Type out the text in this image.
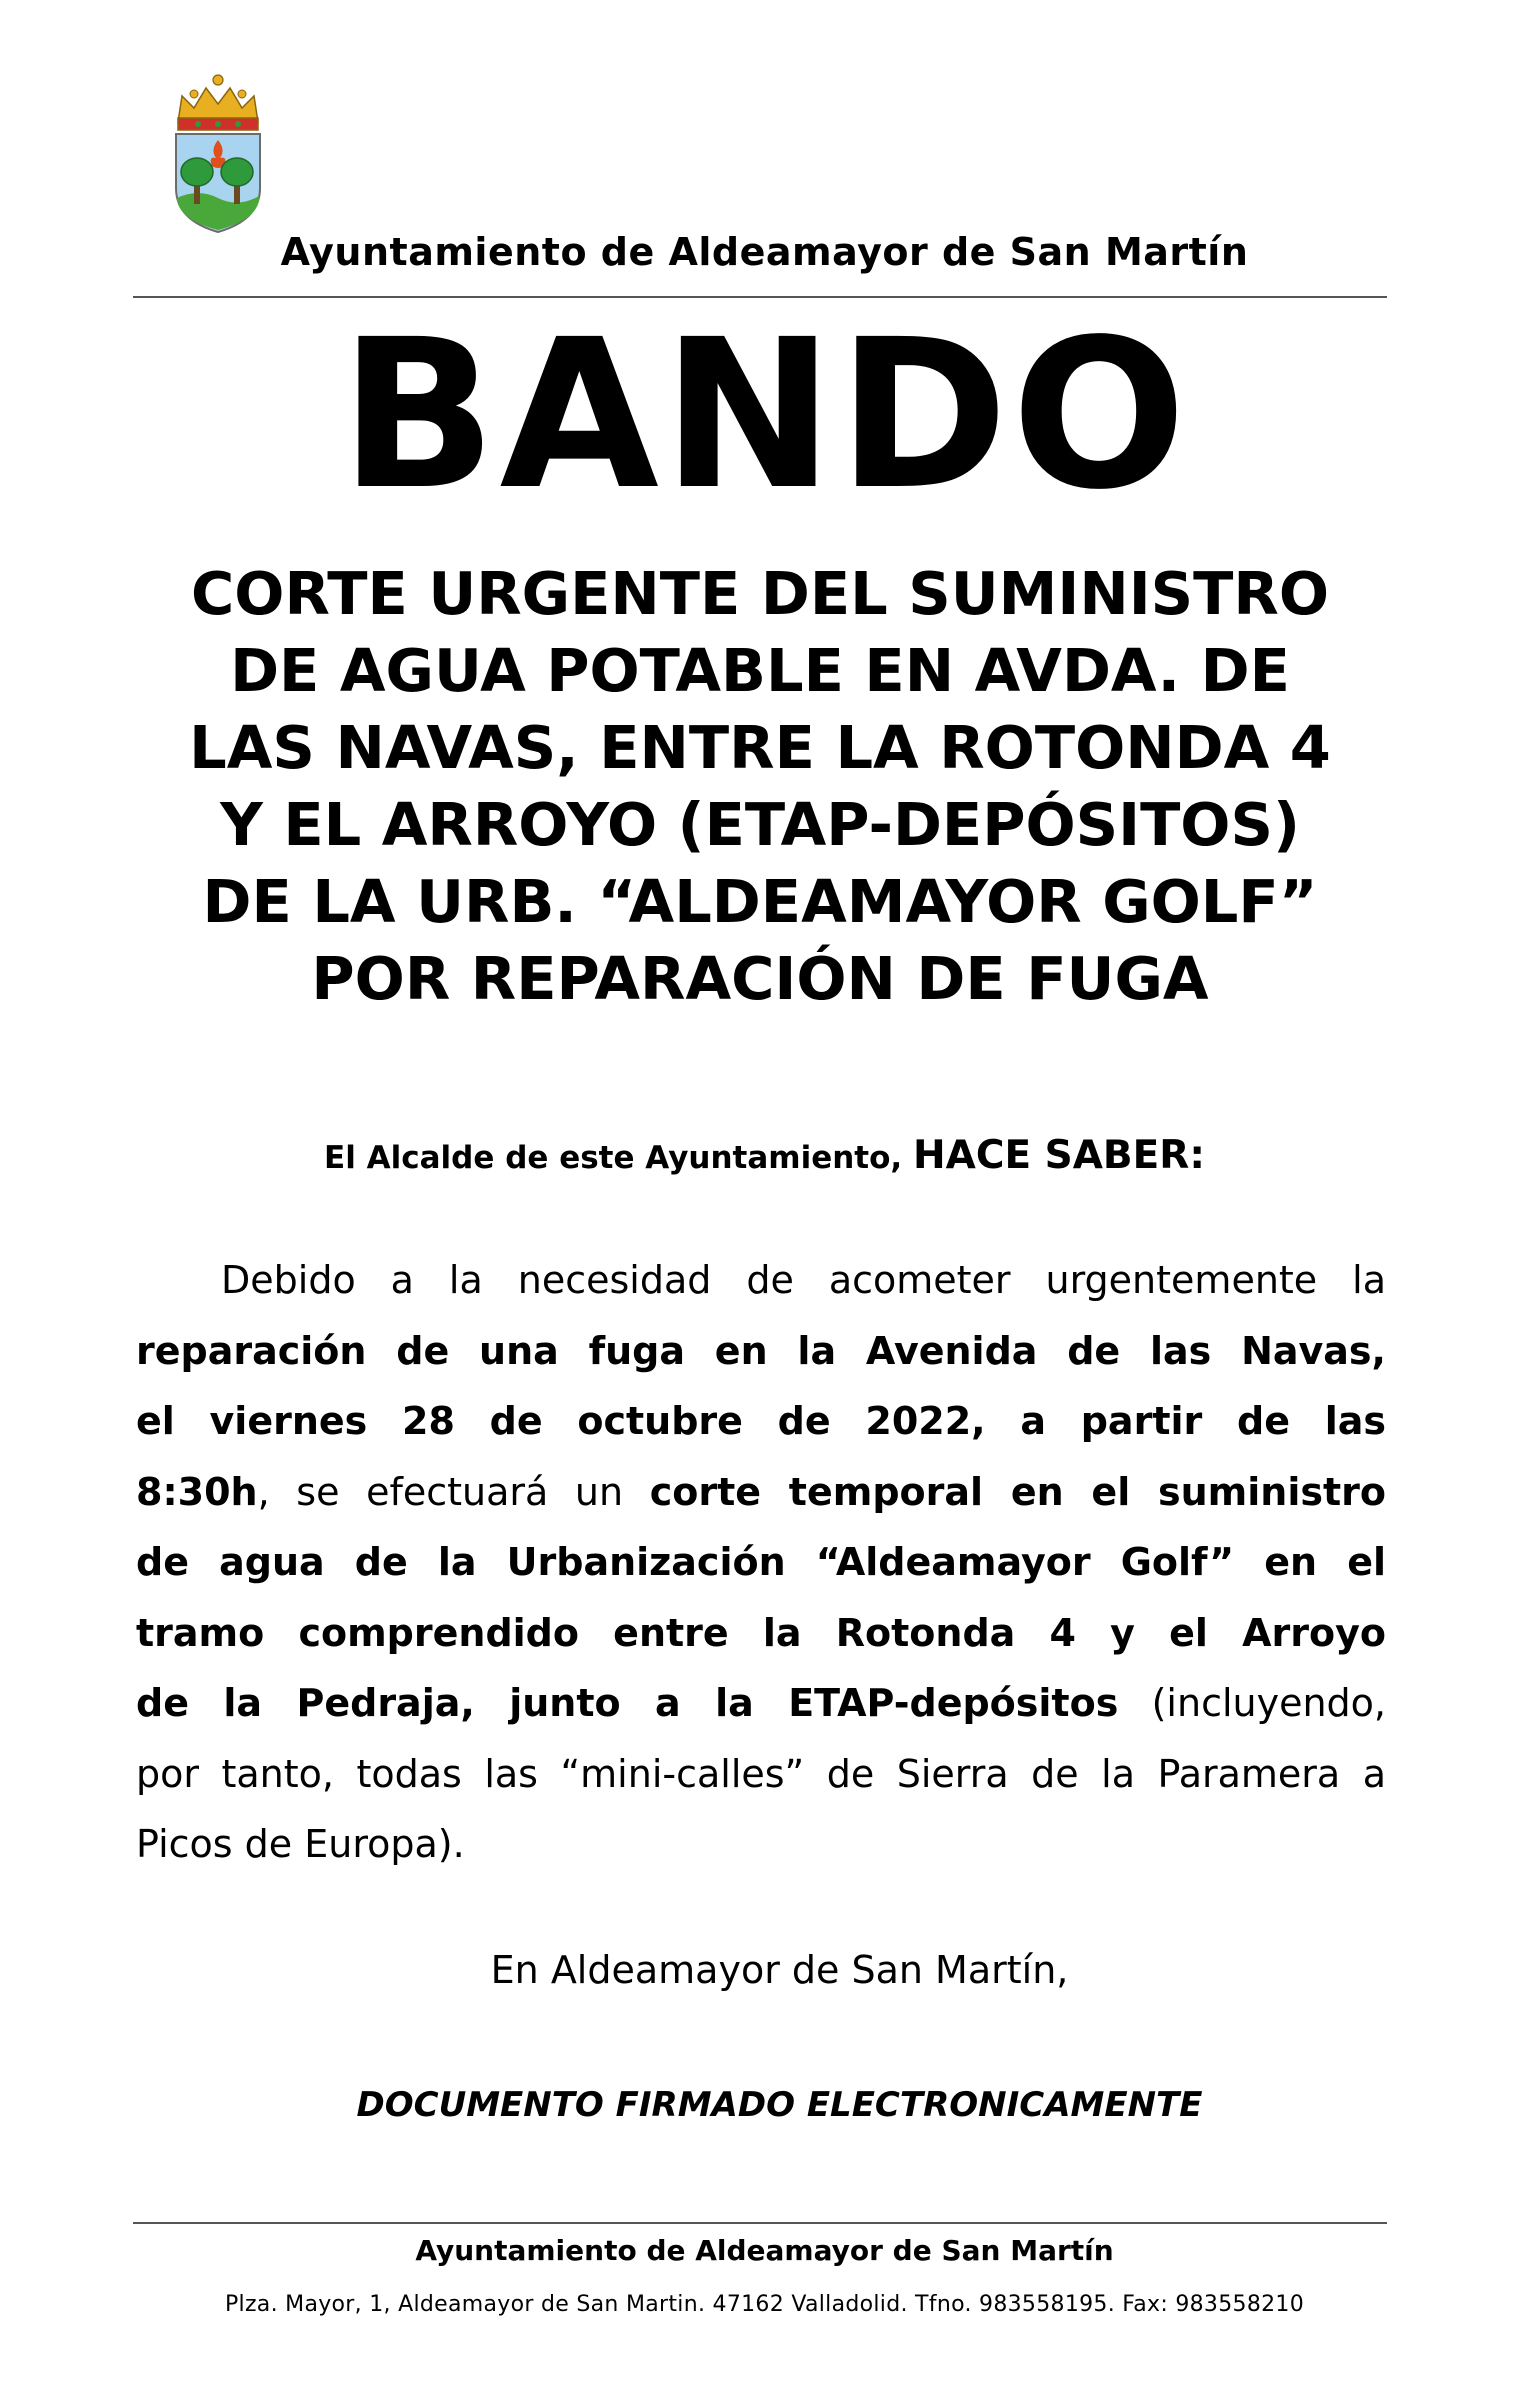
Ayuntamiento de Aldeamayor de San Martín
BANDO
CORTE URGENTE DEL SUMINISTRO
DE AGUA POTABLE EN AVDA. DE
LAS NAVAS, ENTRE LA ROTONDA 4
Y EL ARROYO (ETAP-DEPÓSITOS)
DE LA URB. “ALDEAMAYOR GOLF”
POR REPARACIÓN DE FUGA
El Alcalde de este Ayuntamiento, HACE SABER:

Debido a la necesidad de acometer urgentemente la
reparación de una fuga en la Avenida de las Navas,
el viernes 28 de octubre de 2022, a partir de las
8:30h, se efectuará un corte temporal en el suministro
de agua de la Urbanización “Aldeamayor Golf” en el
tramo comprendido entre la Rotonda 4 y el Arroyo
de la Pedraja, junto a la ETAP-depósitos (incluyendo,
por tanto, todas las “mini-calles” de Sierra de la Paramera a
Picos de Europa).

En Aldeamayor de San Martín,
DOCUMENTO FIRMADO ELECTRONICAMENTE
Ayuntamiento de Aldeamayor de San Martín
Plza. Mayor, 1, Aldeamayor de San Martin. 47162 Valladolid. Tfno. 983558195. Fax: 983558210
